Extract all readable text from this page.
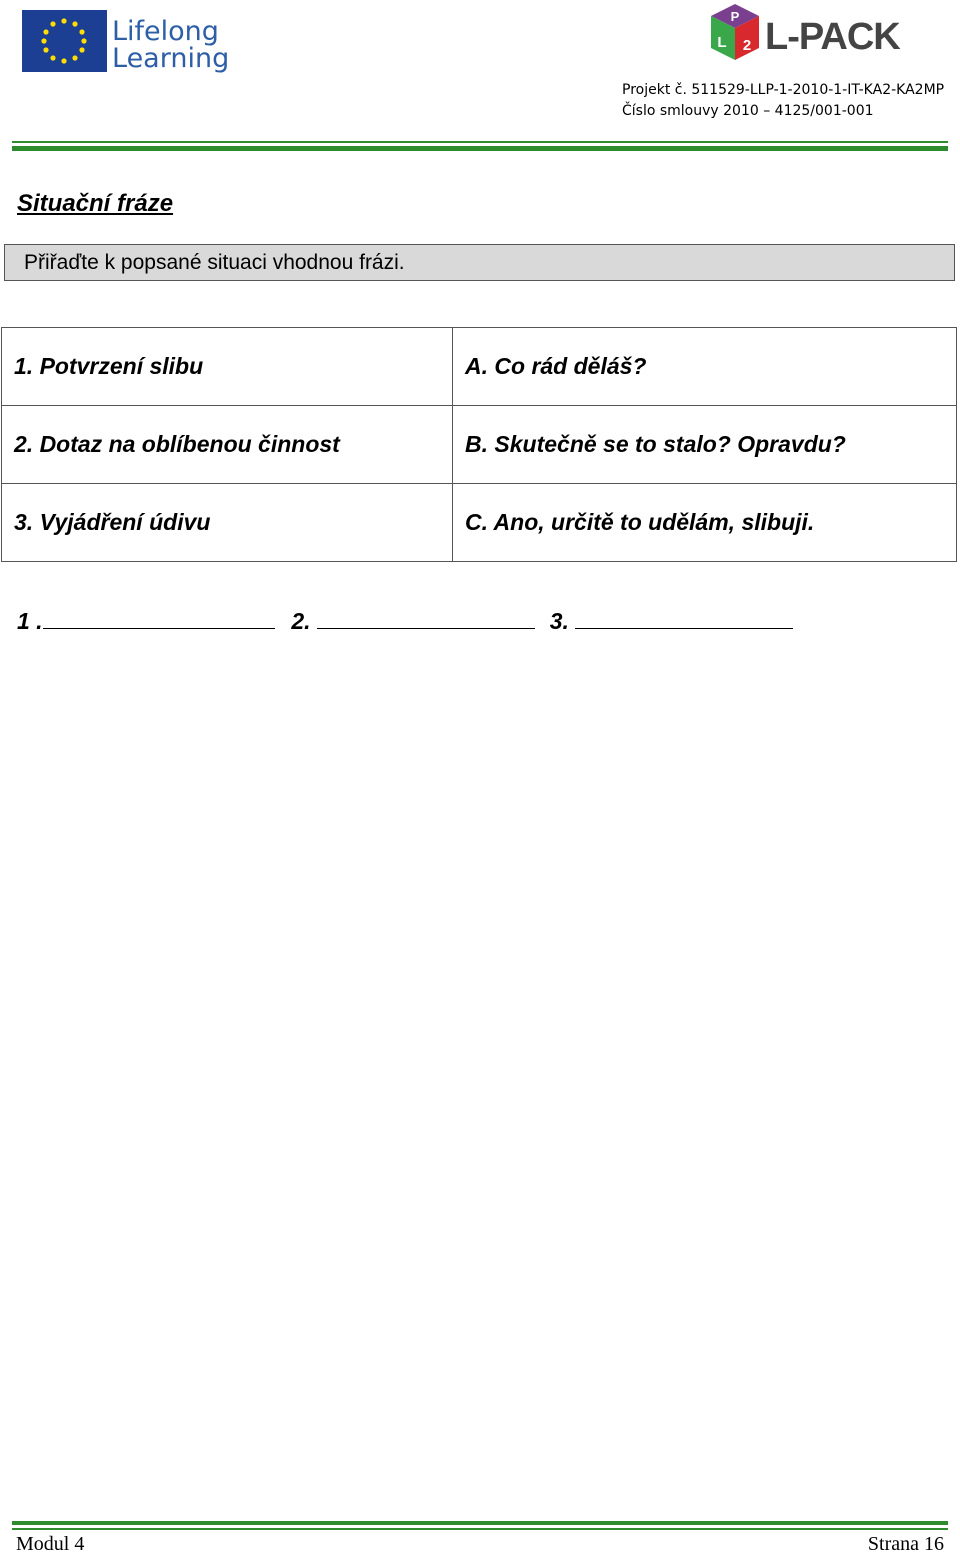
Lifelong
Learning
P
L 2 L-PACK
Projekt č. 511529-LLP-1-2010-1-IT-KA2-KA2MP
Číslo smlouvy 2010 – 4125/001-001
Situační fráze
Přiřaďte k popsané situaci vhodnou frázi.
1. Potvrzení slibu	A. Co rád děláš?
2. Dotaz na oblíbenou činnost	B. Skutečně se to stalo? Opravdu?
3. Vyjádření údivu	C. Ano, určitě to udělám, slibuji.
1 .	2.	3.
Modul 4	Strana 16
